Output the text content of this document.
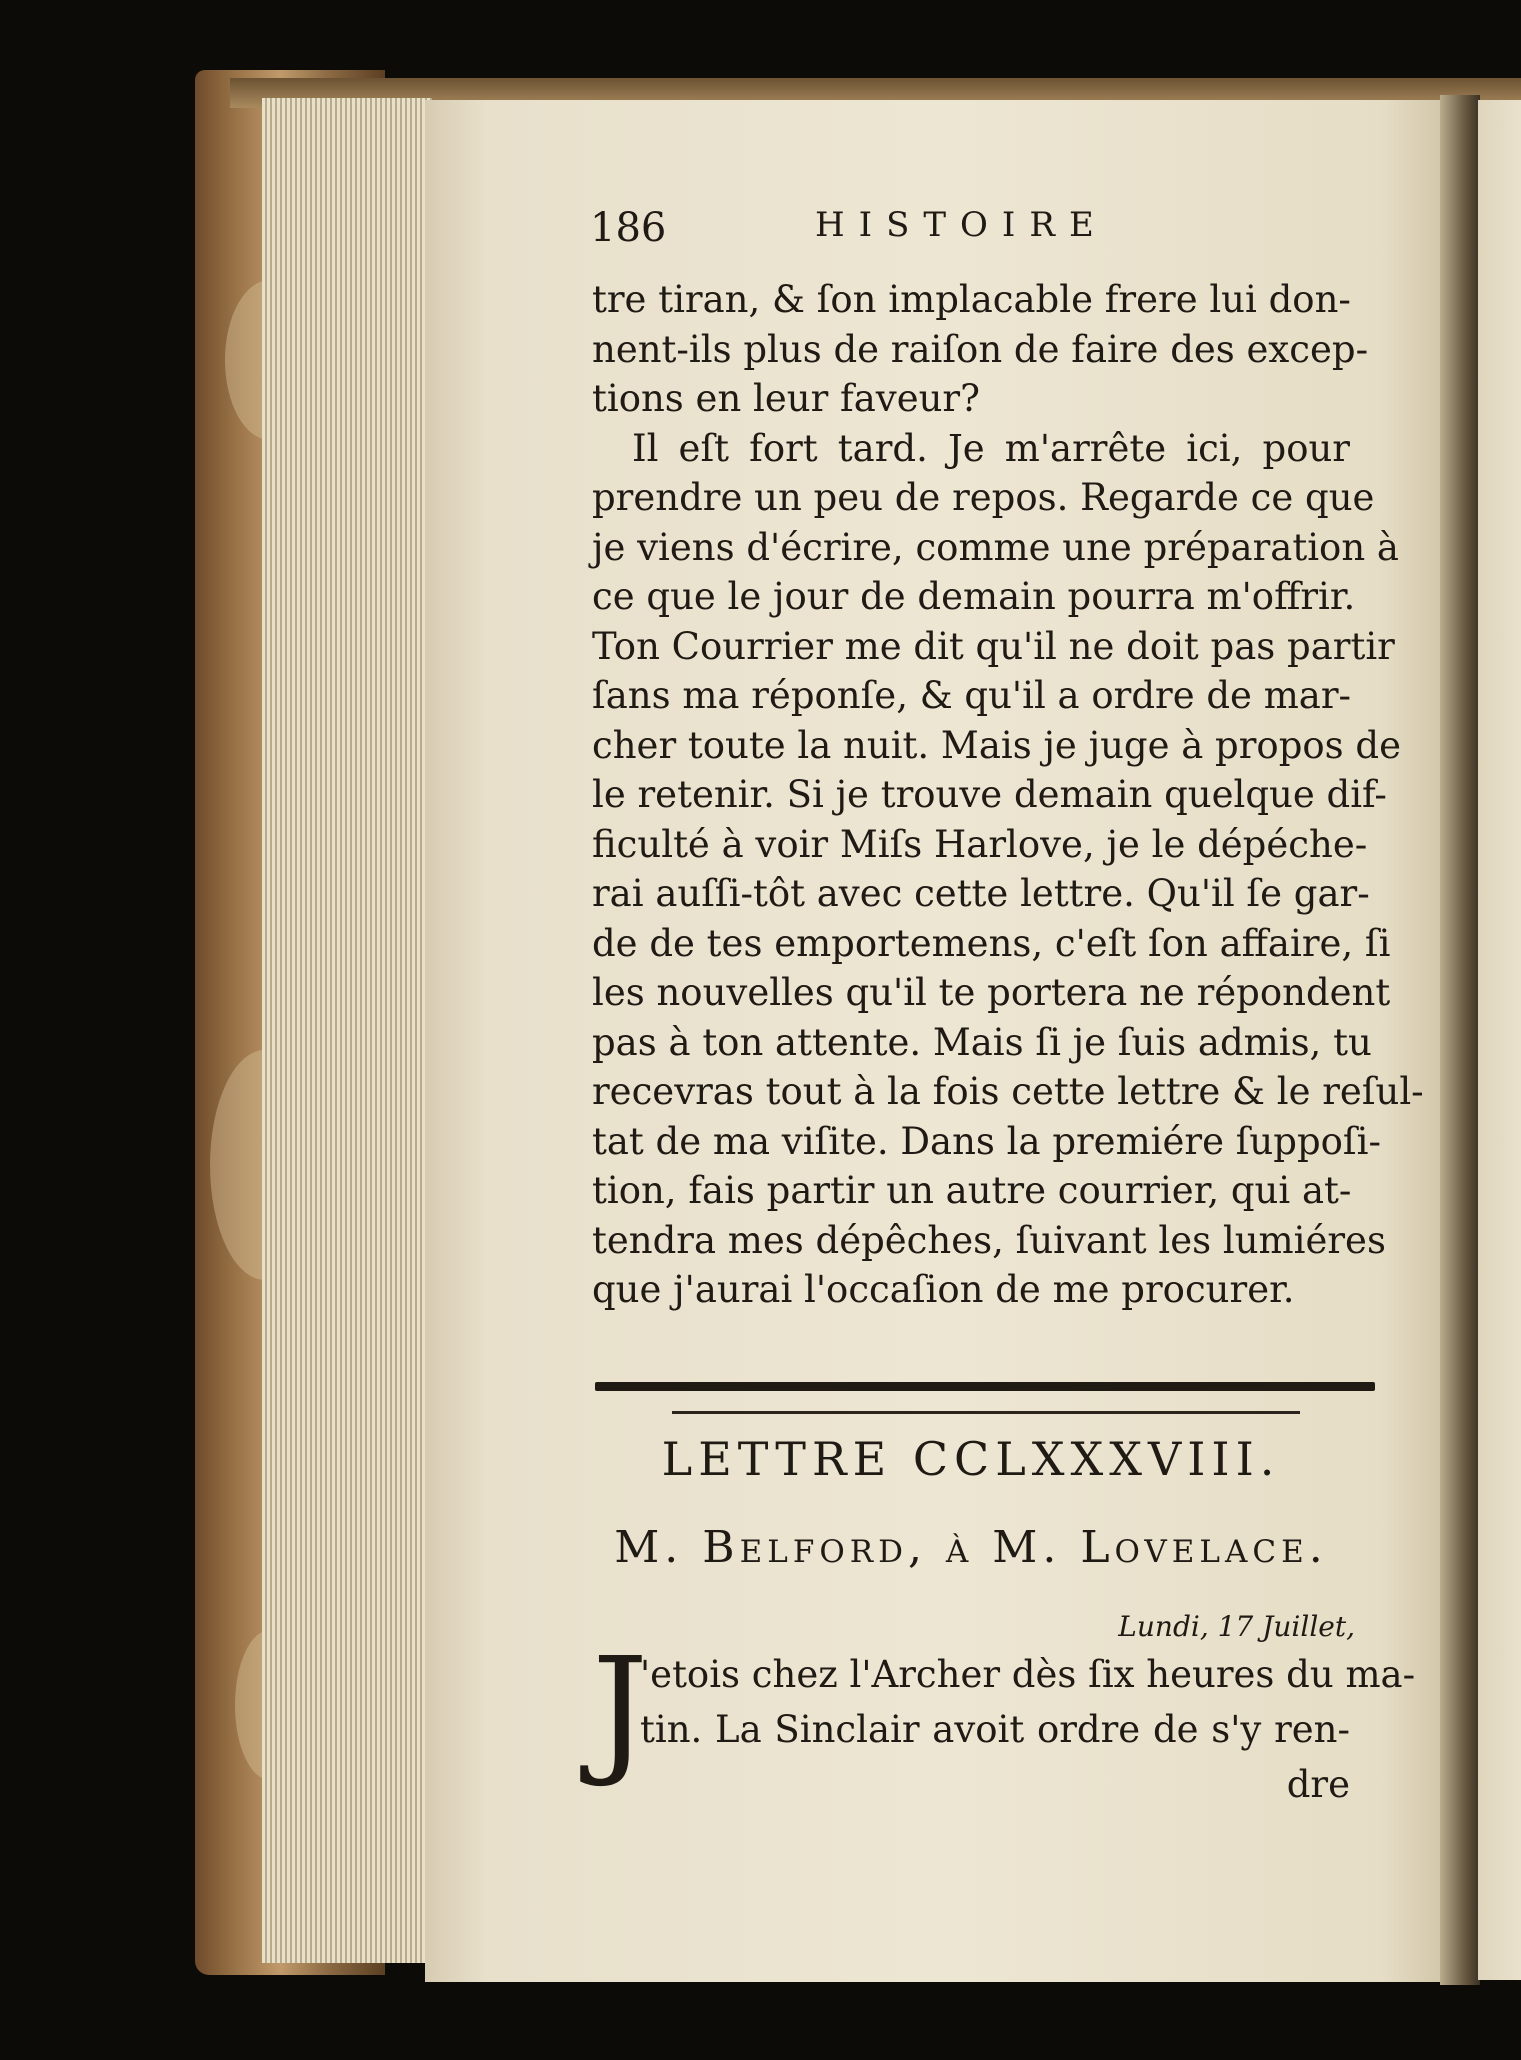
186	HISTOIRE
tre tiran, & ſon implacable frere lui don-
nent-ils plus de raiſon de faire des excep-
tions en leur faveur?
Il eſt fort tard. Je m'arrête ici, pour
prendre un peu de repos. Regarde ce que
je viens d'écrire, comme une préparation à
ce que le jour de demain pourra m'offrir.
Ton Courrier me dit qu'il ne doit pas partir
ſans ma réponſe, & qu'il a ordre de mar-
cher toute la nuit. Mais je juge à propos de
le retenir. Si je trouve demain quelque dif-
ficulté à voir Miſs Harlove, je le dépéche-
rai auſſi-tôt avec cette lettre. Qu'il ſe gar-
de de tes emportemens, c'eſt ſon affaire, ſi
les nouvelles qu'il te portera ne répondent
pas à ton attente. Mais ſi je ſuis admis, tu
recevras tout à la fois cette lettre & le reſul-
tat de ma viſite. Dans la premiére ſuppoſi-
tion, fais partir un autre courrier, qui at-
tendra mes dépêches, ſuivant les lumiéres
que j'aurai l'occaſion de me procurer.
LETTRE CCLXXXVIII.
M. Belford, à M. Lovelace.
Lundi, 17 Juillet,
J
'etois chez l'Archer dès ſix heures du ma-
tin. La Sinclair avoit ordre de s'y ren-
dre
